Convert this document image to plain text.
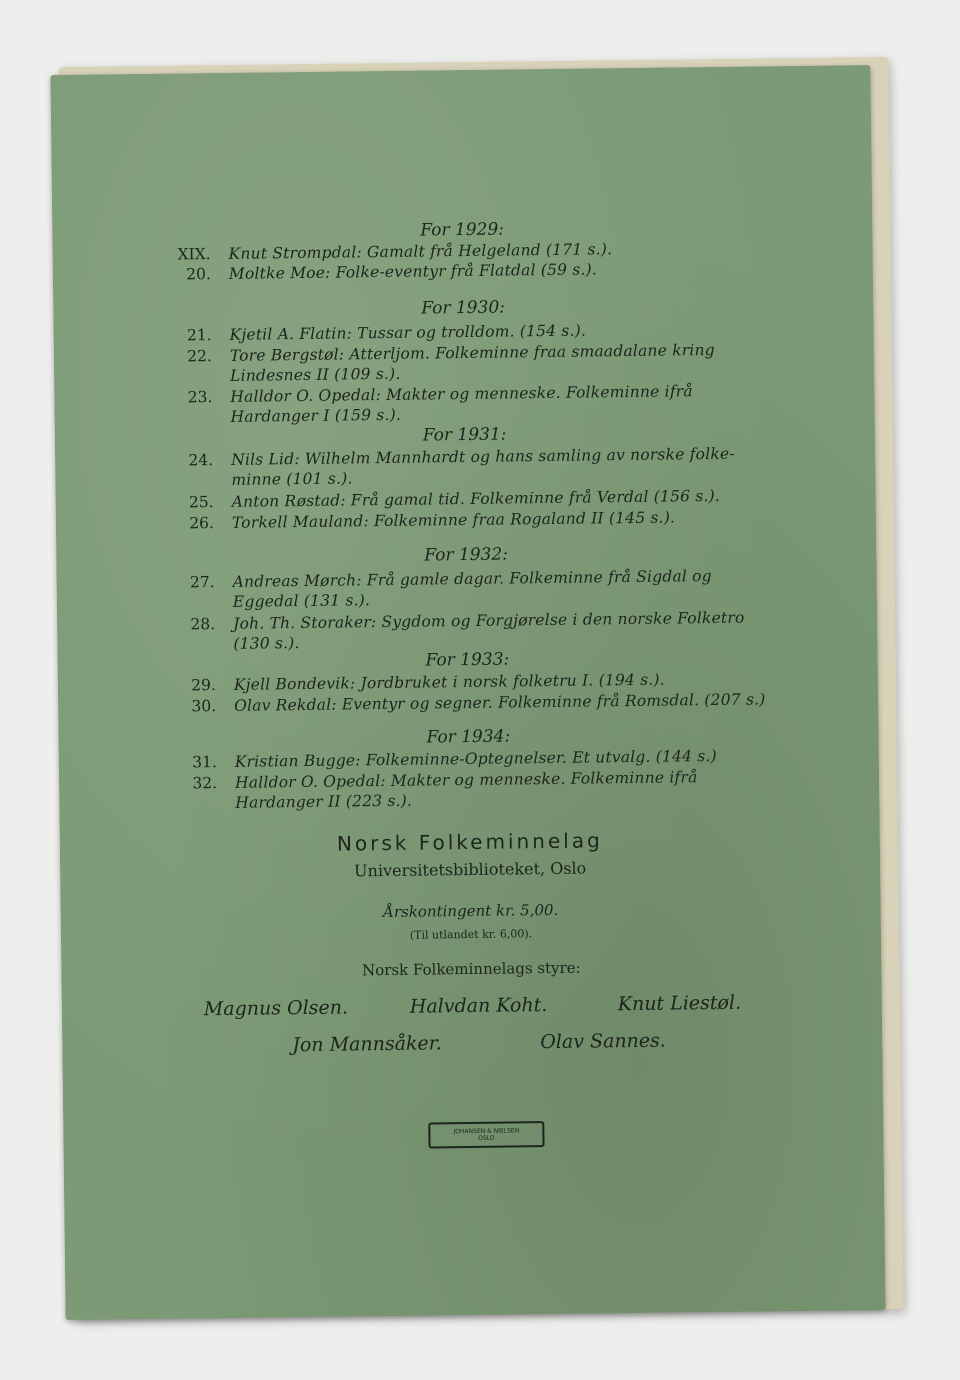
For 1929:
XIX. Knut Strompdal: Gamalt frå Helgeland (171 s.).
20. Moltke Moe: Folke-eventyr frå Flatdal (59 s.).
For 1930:
21. Kjetil A. Flatin: Tussar og trolldom. (154 s.).
22. Tore Bergstøl: Atterljom. Folkeminne fraa smaadalane kring
Lindesnes II (109 s.).
23. Halldor O. Opedal: Makter og menneske. Folkeminne ifrå
Hardanger I (159 s.).
For 1931:
24. Nils Lid: Wilhelm Mannhardt og hans samling av norske folke-
minne (101 s.).
25. Anton Røstad: Frå gamal tid. Folkeminne frå Verdal (156 s.).
26. Torkell Mauland: Folkeminne fraa Rogaland II (145 s.).
For 1932:
27. Andreas Mørch: Frå gamle dagar. Folkeminne frå Sigdal og
Eggedal (131 s.).
28. Joh. Th. Storaker: Sygdom og Forgjørelse i den norske Folketro
(130 s.).
For 1933:
29. Kjell Bondevik: Jordbruket i norsk folketru I. (194 s.).
30. Olav Rekdal: Eventyr og segner. Folkeminne frå Romsdal. (207 s.)
For 1934:
31. Kristian Bugge: Folkeminne-Optegnelser. Et utvalg. (144 s.)
32. Halldor O. Opedal: Makter og menneske. Folkeminne ifrå
Hardanger II (223 s.).
Norsk Folkeminnelag
Universitetsbiblioteket, Oslo
Årskontingent kr. 5,00.
(Til utlandet kr. 6,00).
Norsk Folkeminnelags styre:
Magnus Olsen.	Halvdan Koht.	Knut Liestøl.
Jon Mannsåker.	Olav Sannes.
JOHANSEN & NIELSEN
OSLO
